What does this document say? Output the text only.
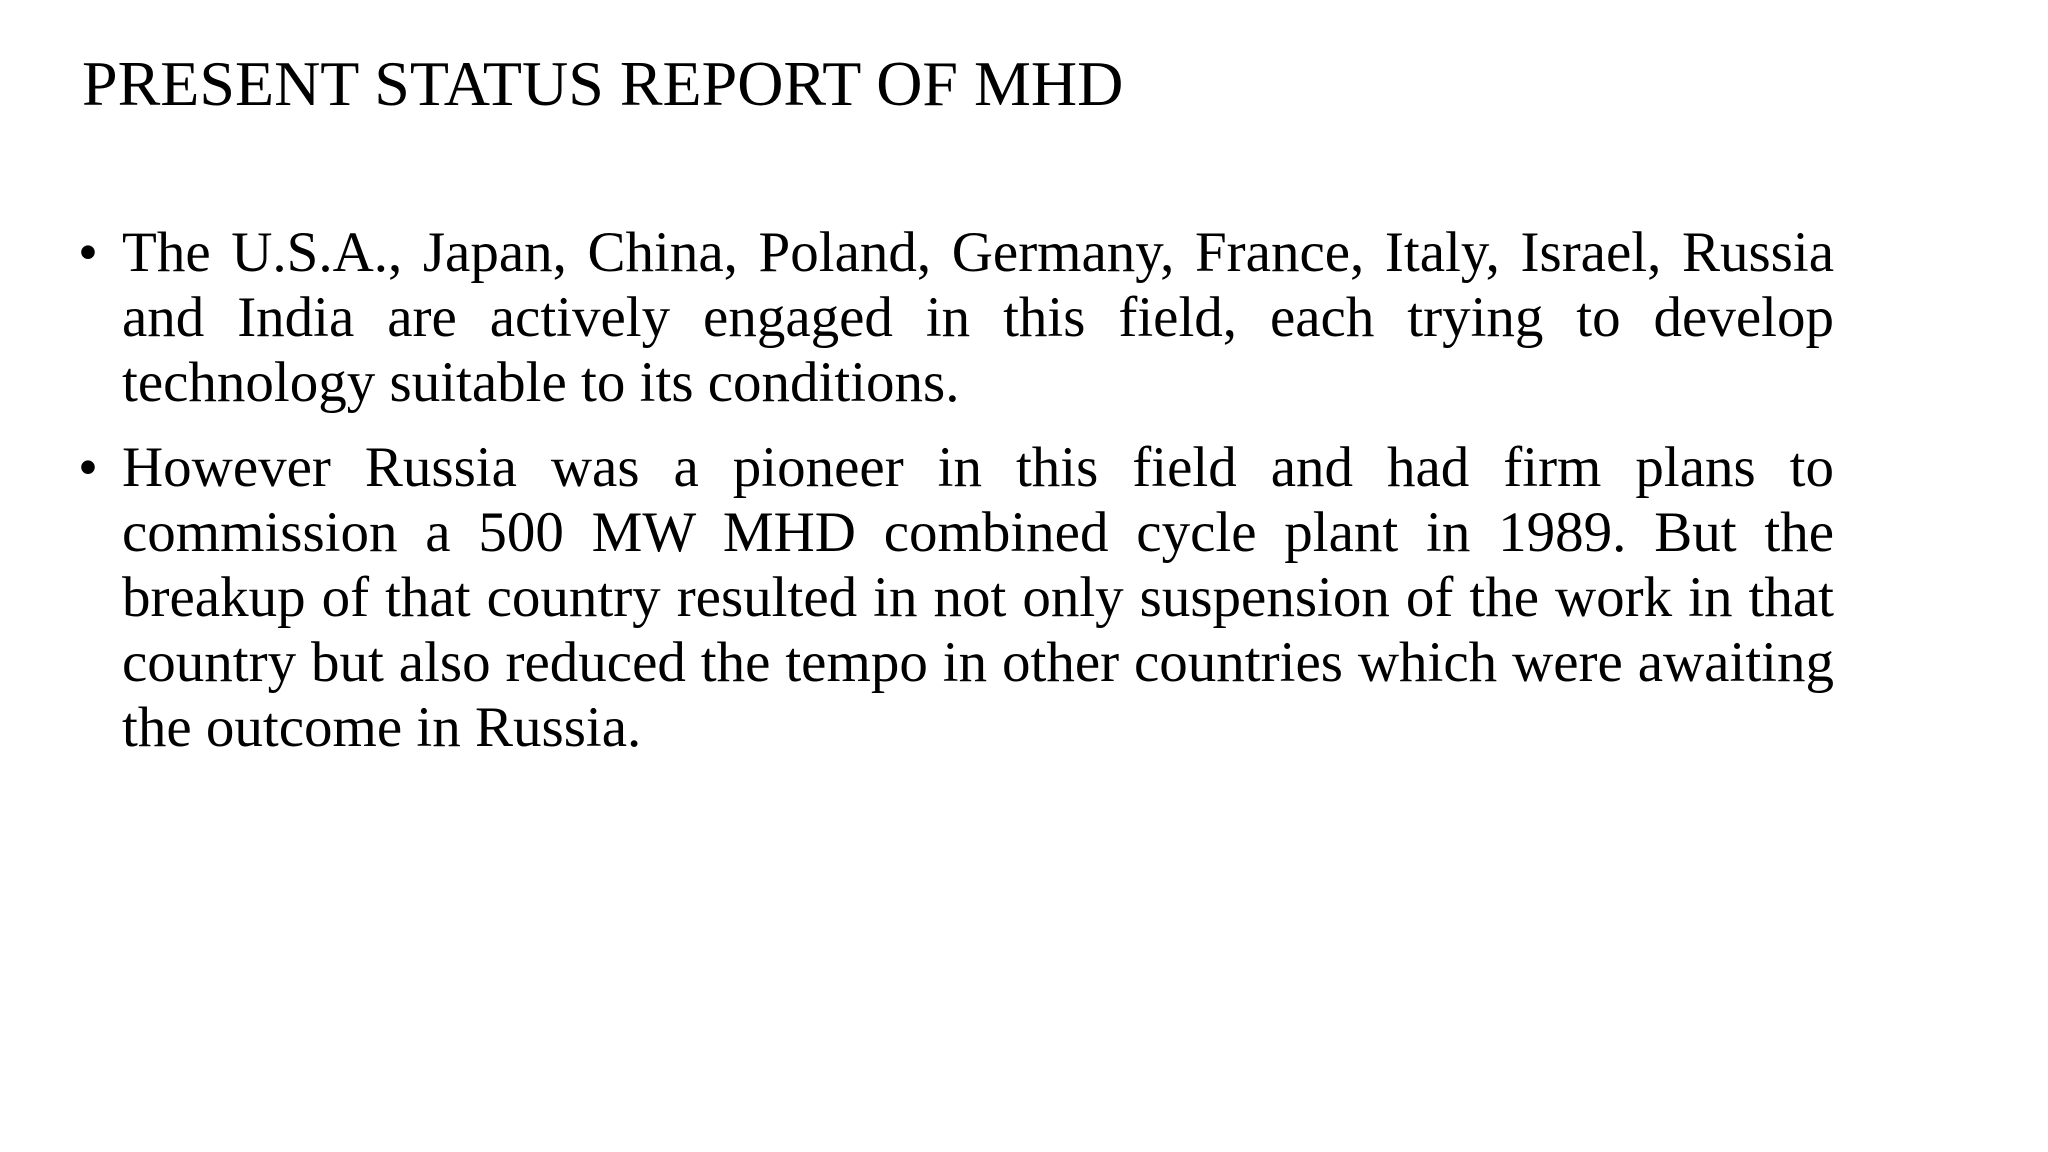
PRESENT STATUS REPORT OF MHD
• The U.S.A., Japan, China, Poland, Germany, France, Italy, Israel, Russia and India are actively engaged in this field, each trying to develop technology suitable to its conditions.
• However Russia was a pioneer in this field and had firm plans to commission a 500 MW MHD combined cycle plant in 1989. But the breakup of that country resulted in not only suspension of the work in that country but also reduced the tempo in other countries which were awaiting the outcome in Russia.
